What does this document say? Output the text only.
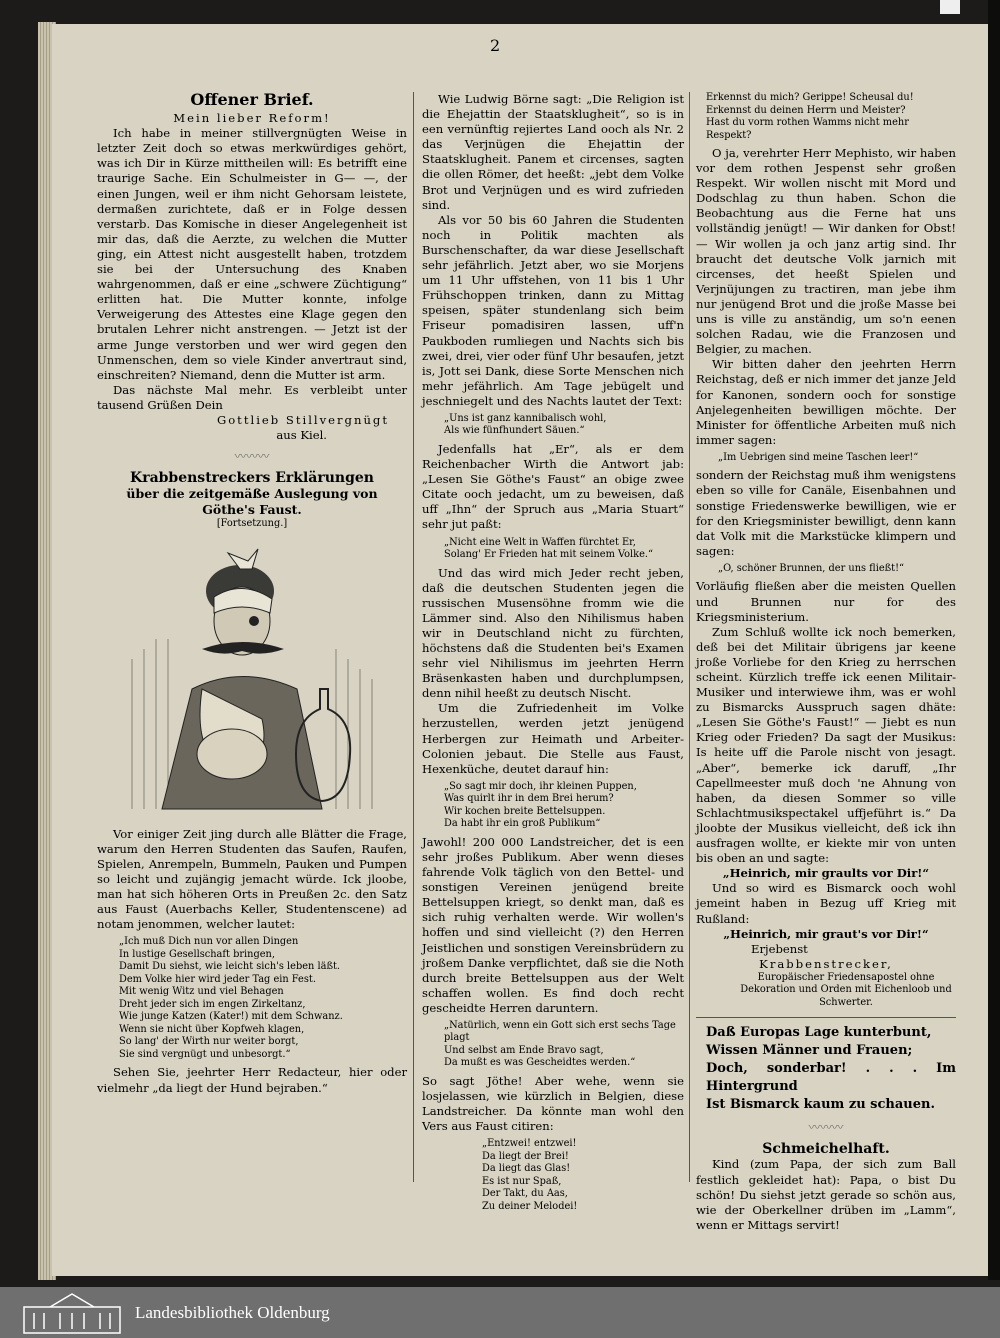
2

Offener Brief.

Mein lieber Reform!

Ich habe in meiner stillvergnügten Weise in letzter Zeit doch so etwas merkwürdiges gehört, was ich Dir in Kürze mittheilen will: Es betrifft eine traurige Sache. Ein Schulmeister in G— —, der einen Jungen, weil er ihm nicht Gehorsam leistete, dermaßen zurichtete, daß er in Folge dessen verstarb. Das Komische in dieser Angelegenheit ist mir das, daß die Aerzte, zu welchen die Mutter ging, ein Attest nicht ausgestellt haben, trotzdem sie bei der Untersuchung des Knaben wahrgenommen, daß er eine „schwere Züchtigung“ erlitten hat. Die Mutter konnte, infolge Verweigerung des Attestes eine Klage gegen den brutalen Lehrer nicht anstrengen. — Jetzt ist der arme Junge verstorben und wer wird gegen den Unmenschen, dem so viele Kinder anvertraut sind, einschreiten? Niemand, denn die Mutter ist arm.

Das nächste Mal mehr. Es verbleibt unter tausend Grüßen Dein

Gottlieb Stillvergnügt

aus Kiel.

〰〰〰

Krabbenstreckers Erklärungen

über die zeitgemäße Auslegung von

Göthe's Faust.

[Fortsetzung.]

Vor einiger Zeit jing durch alle Blätter die Frage, warum den Herren Studenten das Saufen, Raufen, Spielen, Anrempeln, Bummeln, Pauken und Pumpen so leicht und zujängig jemacht würde. Ick jloobe, man hat sich höheren Orts in Preußen 2c. den Satz aus Faust (Auerbachs Keller, Studentenscene) ad notam jenommen, welcher lautet:

„Ich muß Dich nun vor allen Dingen
In lustige Gesellschaft bringen,
Damit Du siehst, wie leicht sich's leben läßt.
Dem Volke hier wird jeder Tag ein Fest.
Mit wenig Witz und viel Behagen
Dreht jeder sich im engen Zirkeltanz,
Wie junge Katzen (Kater!) mit dem Schwanz.
Wenn sie nicht über Kopfweh klagen,
So lang' der Wirth nur weiter borgt,
Sie sind vergnügt und unbesorgt.“

Sehen Sie, jeehrter Herr Redacteur, hier oder vielmehr „da liegt der Hund bejraben.“

Wie Ludwig Börne sagt: „Die Religion ist die Ehejattin der Staatsklugheit“, so is in een vernünftig rejiertes Land ooch als Nr. 2 das Verjnügen die Ehejattin der Staatsklugheit. Panem et circenses, sagten die ollen Römer, det heeßt: „jebt dem Volke Brot und Verjnügen und es wird zufrieden sind.

Als vor 50 bis 60 Jahren die Studenten noch in Politik machten als Burschenschafter, da war diese Jesellschaft sehr jefährlich. Jetzt aber, wo sie Morjens um 11 Uhr uffstehen, von 11 bis 1 Uhr Frühschoppen trinken, dann zu Mittag speisen, später stundenlang sich beim Friseur pomadisiren lassen, uff'n Paukboden rumliegen und Nachts sich bis zwei, drei, vier oder fünf Uhr besaufen, jetzt is, Jott sei Dank, diese Sorte Menschen nich mehr jefährlich. Am Tage jebügelt und jeschniegelt und des Nachts lautet der Text:

„Uns ist ganz kannibalisch wohl,
Als wie fünfhundert Säuen.“

Jedenfalls hat „Er“, als er dem Reichenbacher Wirth die Antwort jab: „Lesen Sie Göthe's Faust“ an obige zwee Citate ooch jedacht, um zu beweisen, daß uff „Ihn“ der Spruch aus „Maria Stuart“ sehr jut paßt:

„Nicht eine Welt in Waffen fürchtet Er,
Solang' Er Frieden hat mit seinem Volke.“

Und das wird mich Jeder recht jeben, daß die deutschen Studenten jegen die russischen Musensöhne fromm wie die Lämmer sind. Also den Nihilismus haben wir in Deutschland nicht zu fürchten, höchstens daß die Studenten bei's Examen sehr viel Nihilismus im jeehrten Herrn Bräsenkasten haben und durchplumpsen, denn nihil heeßt zu deutsch Nischt.

Um die Zufriedenheit im Volke herzustellen, werden jetzt jenügend Herbergen zur Heimath und Arbeiter-Colonien jebaut. Die Stelle aus Faust, Hexenküche, deutet darauf hin:

„So sagt mir doch, ihr kleinen Puppen,
Was quirlt ihr in dem Brei herum?
Wir kochen breite Bettelsuppen.
Da habt ihr ein groß Publikum“

Jawohl! 200 000 Landstreicher, det is een sehr jroßes Publikum. Aber wenn dieses fahrende Volk täglich von den Bettel- und sonstigen Vereinen jenügend breite Bettelsuppen kriegt, so denkt man, daß es sich ruhig verhalten werde. Wir wollen's hoffen und sind vielleicht (?) den Herren Jeistlichen und sonstigen Vereinsbrüdern zu jroßem Danke verpflichtet, daß sie die Noth durch breite Bettelsuppen aus der Welt schaffen wollen. Es find doch recht gescheidte Herren daruntern.

„Natürlich, wenn ein Gott sich erst sechs Tage plagt
Und selbst am Ende Bravo sagt,
Da mußt es was Gescheidtes werden.“

So sagt Jöthe! Aber wehe, wenn sie losjelassen, wie kürzlich in Belgien, diese Landstreicher. Da könnte man wohl den Vers aus Faust citiren:

„Entzwei! entzwei!
Da liegt der Brei!
Da liegt das Glas!
Es ist nur Spaß,
Der Takt, du Aas,
Zu deiner Melodei!
Erkennst du mich? Gerippe! Scheusal du!
Erkennst du deinen Herrn und Meister?
Hast du vorm rothen Wamms nicht mehr Respekt?

O ja, verehrter Herr Mephisto, wir haben vor dem rothen Jespenst sehr großen Respekt. Wir wollen nischt mit Mord und Dodschlag zu thun haben. Schon die Beobachtung aus die Ferne hat uns vollständig jenügt! — Wir danken for Obst! — Wir wollen ja och janz artig sind. Ihr braucht det deutsche Volk jarnich mit circenses, det heeßt Spielen und Verjnüjungen zu tractiren, man jebe ihm nur jenügend Brot und die jroße Masse bei uns is ville zu anständig, um so'n eenen solchen Radau, wie die Franzosen und Belgier, zu machen.

Wir bitten daher den jeehrten Herrn Reichstag, deß er nich immer det janze Jeld for Kanonen, sondern ooch for sonstige Anjelegenheiten bewilligen möchte. Der Minister for öffentliche Arbeiten muß nich immer sagen:

„Im Uebrigen sind meine Taschen leer!“

sondern der Reichstag muß ihm wenigstens eben so ville for Canäle, Eisenbahnen und sonstige Friedenswerke bewilligen, wie er for den Kriegsminister bewilligt, denn kann dat Volk mit die Markstücke klimpern und sagen:

„O, schöner Brunnen, der uns fließt!“

Vorläufig fließen aber die meisten Quellen und Brunnen nur for des Kriegsministerium.

Zum Schluß wollte ick noch bemerken, deß bei det Militair übrigens jar keene jroße Vorliebe for den Krieg zu herrschen scheint. Kürzlich treffe ick eenen Militair-Musiker und interwiewe ihm, was er wohl zu Bismarcks Ausspruch sagen dhäte: „Lesen Sie Göthe's Faust!“ — Jiebt es nun Krieg oder Frieden? Da sagt der Musikus: Is heite uff die Parole nischt von jesagt. „Aber“, bemerke ick daruff, „Ihr Capellmeester muß doch 'ne Ahnung von haben, da diesen Sommer so ville Schlachtmusikspectakel uffjeführt is.“ Da jloobte der Musikus vielleicht, deß ick ihn ausfragen wollte, er kiekte mir von unten bis oben an und sagte:

„Heinrich, mir graults vor Dir!“

Und so wird es Bismarck ooch wohl jemeint haben in Bezug uff Krieg mit Rußland:

„Heinrich, mir graut's vor Dir!“

Erjebenst

Krabbenstrecker,

Europäischer Friedensapostel ohne Dekoration und Orden mit Eichenloob und Schwerter.

Daß Europas Lage kunterbunt,
Wissen Männer und Frauen;
Doch, sonderbar! . . . Im Hintergrund
Ist Bismarck kaum zu schauen.
〰〰〰

Schmeichelhaft.

Kind (zum Papa, der sich zum Ball festlich gekleidet hat): Papa, o bist Du schön! Du siehst jetzt gerade so schön aus, wie der Oberkellner drüben im „Lamm“, wenn er Mittags servirt!

Landesbibliothek Oldenburg
